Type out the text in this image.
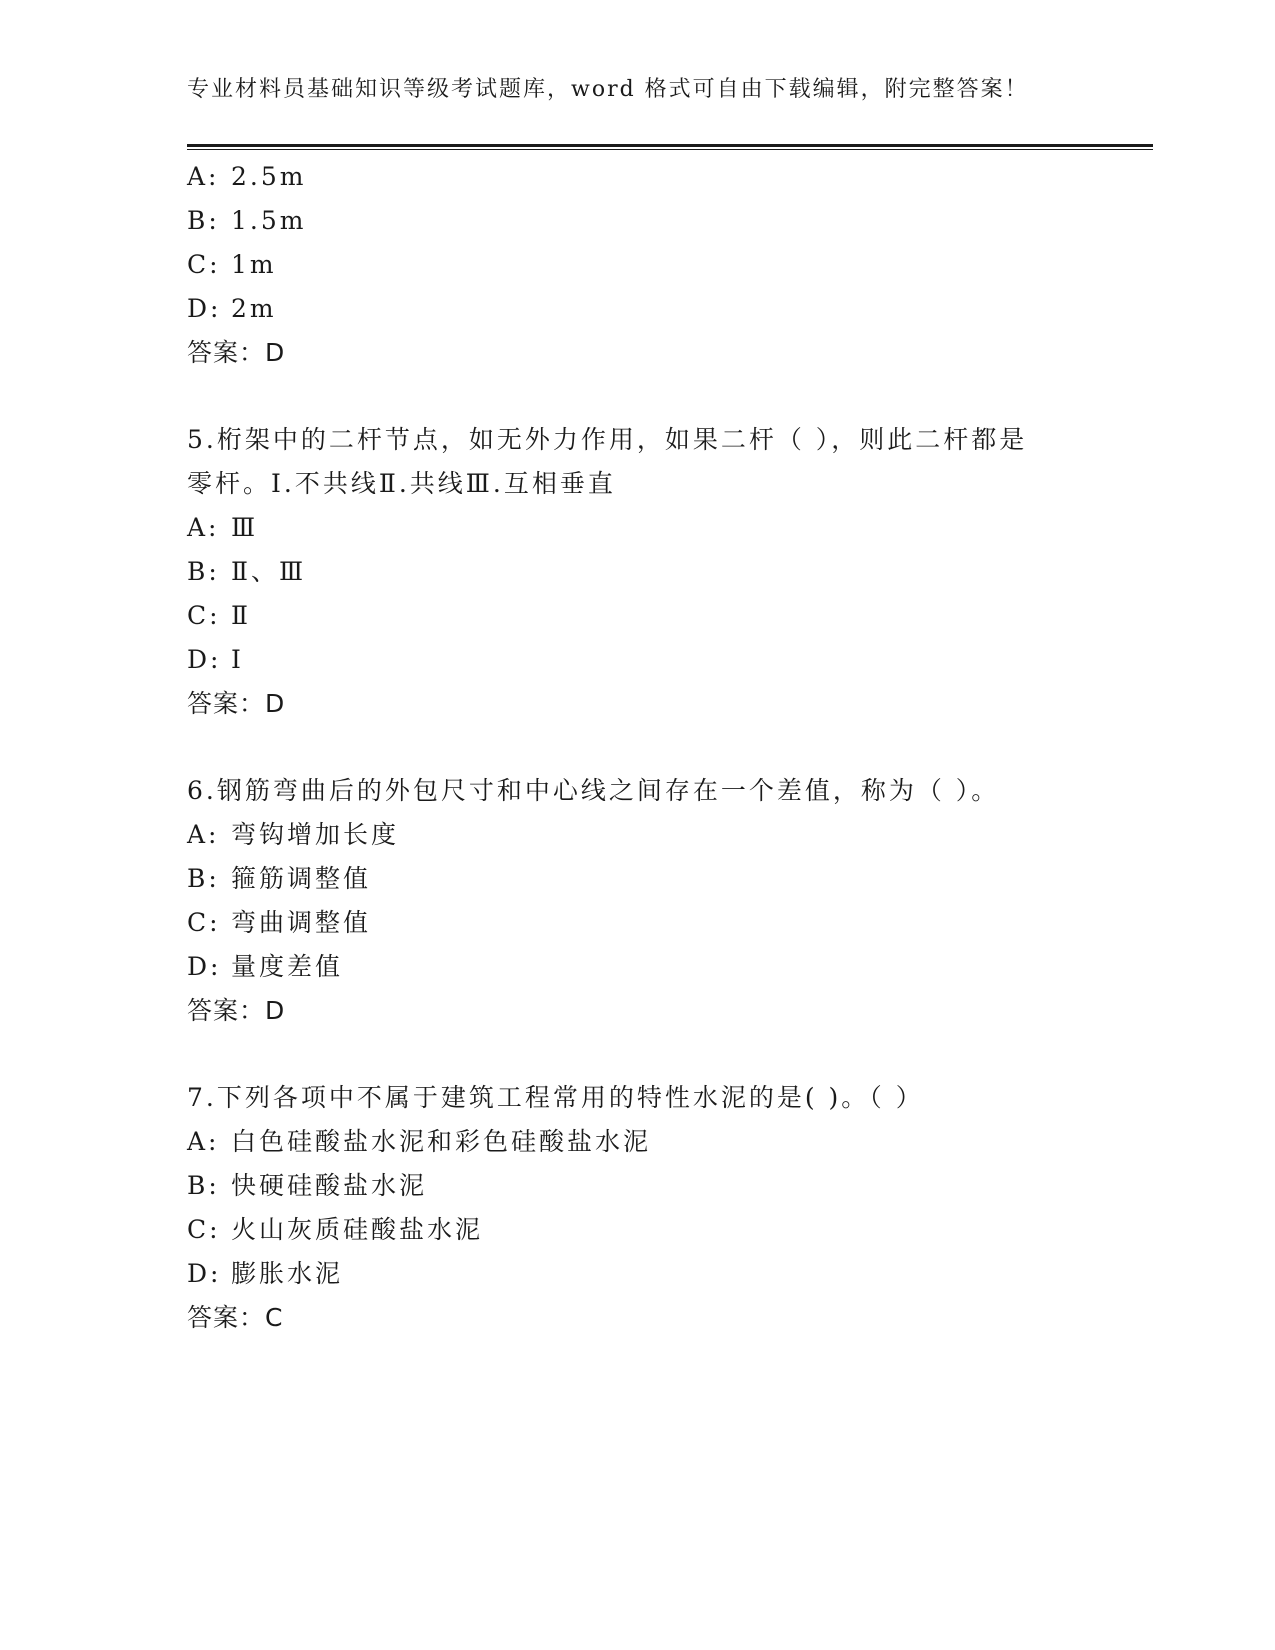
专业材料员基础知识等级考试题库，word 格式可自由下载编辑，附完整答案！
A: 2.5m
B: 1.5m
C: 1m
D: 2m
答案：D
5.桁架中的二杆节点，如无外力作用，如果二杆（ ），则此二杆都是
零杆。I.不共线Ⅱ.共线Ⅲ.互相垂直
A: Ⅲ
B: Ⅱ、Ⅲ
C: Ⅱ
D: I
答案：D
6.钢筋弯曲后的外包尺寸和中心线之间存在一个差值，称为（ ）。
A: 弯钩增加长度
B: 箍筋调整值
C: 弯曲调整值
D: 量度差值
答案：D
7.下列各项中不属于建筑工程常用的特性水泥的是( )。（ ）
A: 白色硅酸盐水泥和彩色硅酸盐水泥
B: 快硬硅酸盐水泥
C: 火山灰质硅酸盐水泥
D: 膨胀水泥
答案：C
